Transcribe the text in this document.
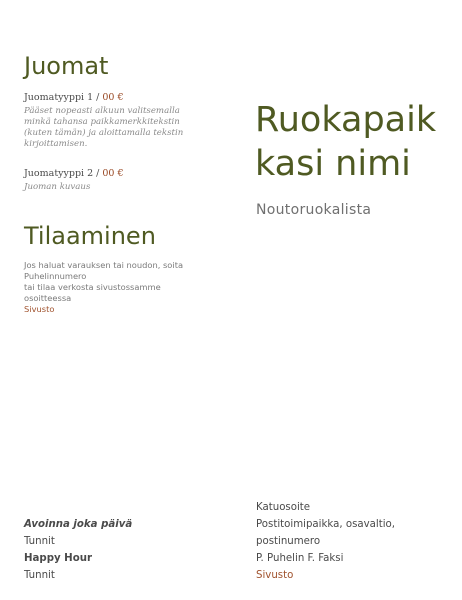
Juomat
Juomatyyppi 1 / 00 €
Pääset nopeasti alkuun valitsemalla
minkä tahansa paikkamerkkitekstin
(kuten tämän) ja aloittamalla tekstin
kirjoittamisen.
Juomatyyppi 2 / 00 €
Juoman kuvaus
Tilaaminen
Jos haluat varauksen tai noudon, soita
Puhelinnumero
tai tilaa verkosta sivustossamme
osoitteessa
Sivusto
Ruokapaik
kasi nimi
Noutoruokalista
Avoinna joka päivä
Tunnit
Happy Hour
Tunnit
Katuosoite
Postitoimipaikka, osavaltio,
postinumero
P. Puhelin F. Faksi
Sivusto
